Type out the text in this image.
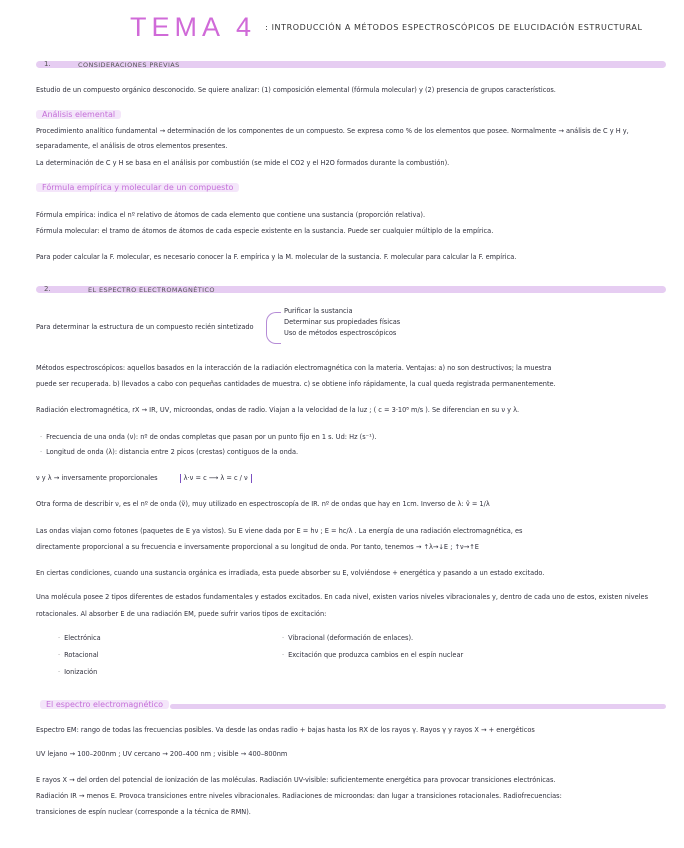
TEMA 4 $^{: INTRODUCCIÓN A MÉTODOS ESPECTROSCÓPICOS DE ELUCIDACIÓN ESTRUCTURAL}$
1.	CONSIDERACIONES PREVIAS
Estudio de un compuesto orgánico desconocido. Se quiere analizar: (1) composición elemental (fórmula molecular) y (2) presencia de grupos característicos.
Análisis elemental
Procedimiento analítico fundamental → determinación de los componentes de un compuesto. Se expresa como % de los elementos que posee. Normalmente → análisis de C y H y,
separadamente, el análisis de otros elementos presentes.
La determinación de C y H se basa en el análisis por combustión (se mide el CO2 y el H2O formados durante la combustión).
Fórmula empírica y molecular de un compuesto
Fórmula empírica: indica el nº relativo de átomos de cada elemento que contiene una sustancia (proporción relativa).
Fórmula molecular: el tramo de átomos de átomos de cada especie existente en la sustancia. Puede ser cualquier múltiplo de la empírica.
Para poder calcular la F. molecular, es necesario conocer la F. empírica y la M. molecular de la sustancia. F. molecular para calcular la F. empírica.
2.	EL ESPECTRO ELECTROMAGNÉTICO
Para determinar la estructura de un compuesto recién sintetizado
Purificar la sustancia
Determinar sus propiedades físicas
Uso de métodos espectroscópicos
Métodos espectroscópicos: aquellos basados en la interacción de la radiación electromagnética con la materia. Ventajas: a) no son destructivos; la muestra
puede ser recuperada. b) llevados a cabo con pequeñas cantidades de muestra. c) se obtiene info rápidamente, la cual queda registrada permanentemente.
Radiación electromagnética, rX → IR, UV, microondas, ondas de radio. Viajan a la velocidad de la luz ; ( c = 3·10⁸ m/s ). Se diferencian en su ν y λ.
· Frecuencia de una onda (ν): nº de ondas completas que pasan por un punto fijo en 1 s. Ud: Hz (s⁻¹).
· Longitud de onda (λ): distancia entre 2 picos (crestas) contiguos de la onda.
ν y λ → inversamente proporcionales	λ·ν = c ⟶ λ = c / ν
Otra forma de describir ν, es el nº de onda (ṽ), muy utilizado en espectroscopía de IR. nº de ondas que hay en 1cm. Inverso de λ: ṽ = 1/λ
Las ondas viajan como fotones (paquetes de E ya vistos). Su E viene dada por E = hν ; E = hc/λ . La energía de una radiación electromagnética, es
directamente proporcional a su frecuencia e inversamente proporcional a su longitud de onda. Por tanto, tenemos → ↑λ→↓E ; ↑ν→↑E
En ciertas condiciones, cuando una sustancia orgánica es irradiada, esta puede absorber su E, volviéndose + energética y pasando a un estado excitado.
Una molécula posee 2 tipos diferentes de estados fundamentales y estados excitados. En cada nivel, existen varios niveles vibracionales y, dentro de cada uno de estos, existen niveles
rotacionales. Al absorber E de una radiación EM, puede sufrir varios tipos de excitación:
· Electrónica
· Rotacional
· Ionización
· Vibracional (deformación de enlaces).
· Excitación que produzca cambios en el espín nuclear
El espectro electromagnético
Espectro EM: rango de todas las frecuencias posibles. Va desde las ondas radio + bajas hasta los RX de los rayos γ. Rayos γ y rayos X → + energéticos
UV lejano → 100–200nm ; UV cercano → 200–400 nm ; visible → 400–800nm
E rayos X → del orden del potencial de ionización de las moléculas. Radiación UV-visible: suficientemente energética para provocar transiciones electrónicas.
Radiación IR → menos E. Provoca transiciones entre niveles vibracionales. Radiaciones de microondas: dan lugar a transiciones rotacionales. Radiofrecuencias:
transiciones de espín nuclear (corresponde a la técnica de RMN).
